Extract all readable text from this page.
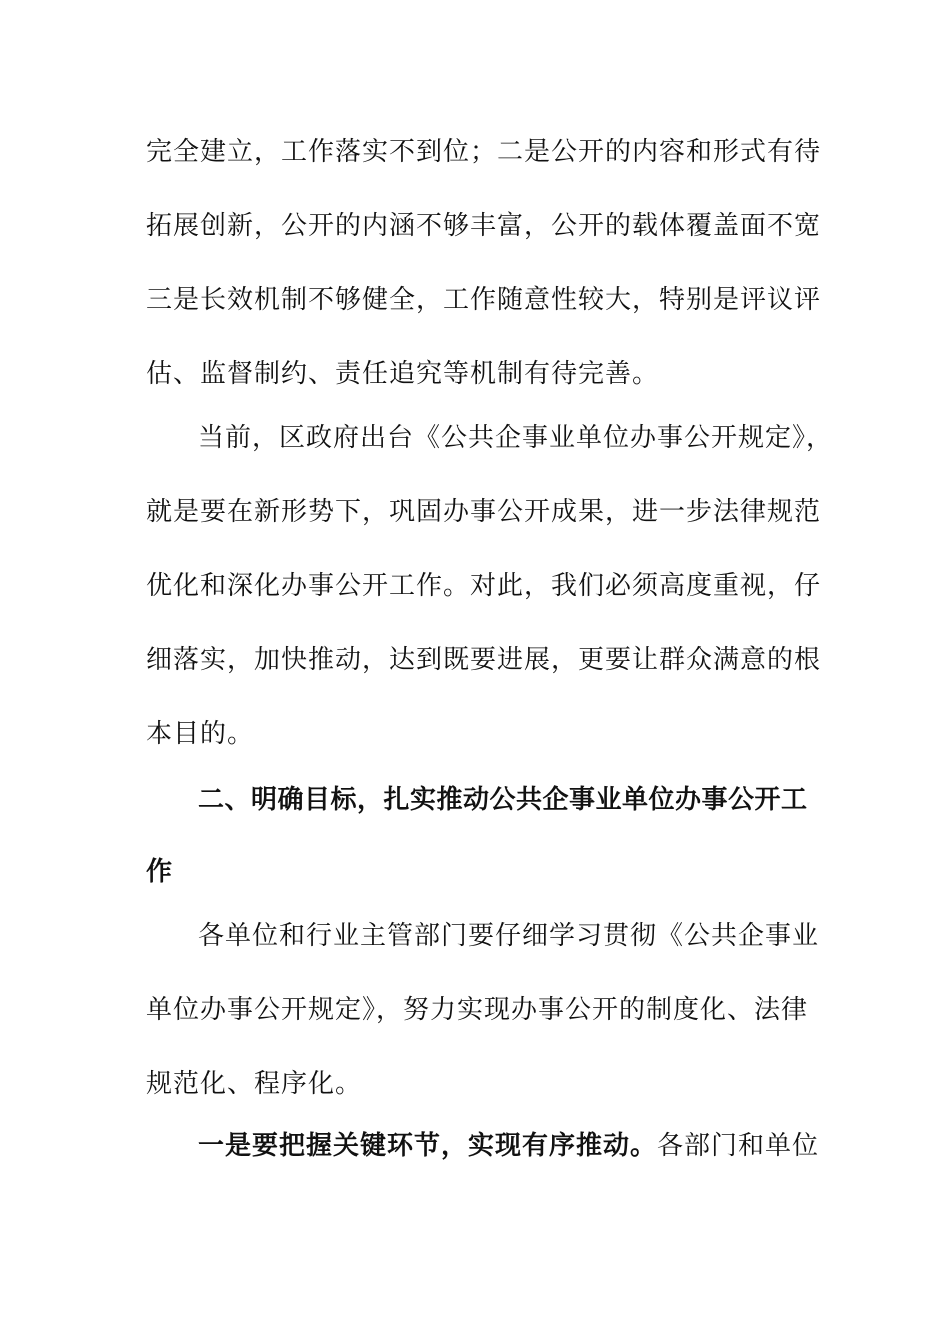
完全建立，工作落实不到位；二是公开的内容和形式有待
拓展创新，公开的内涵不够丰富，公开的载体覆盖面不宽
三是长效机制不够健全，工作随意性较大，特别是评议评
估、监督制约、责任追究等机制有待完善。
当前，区政府出台《公共企事业单位办事公开规定》，
就是要在新形势下，巩固办事公开成果，进一步法律规范
优化和深化办事公开工作。对此，我们必须高度重视，仔
细落实，加快推动，达到既要进展，更要让群众满意的根
本目的。
二、明确目标，扎实推动公共企事业单位办事公开工
作
各单位和行业主管部门要仔细学习贯彻《公共企事业
单位办事公开规定》，努力实现办事公开的制度化、法律
规范化、程序化。
一是要把握关键环节，实现有序推动。各部门和单位
